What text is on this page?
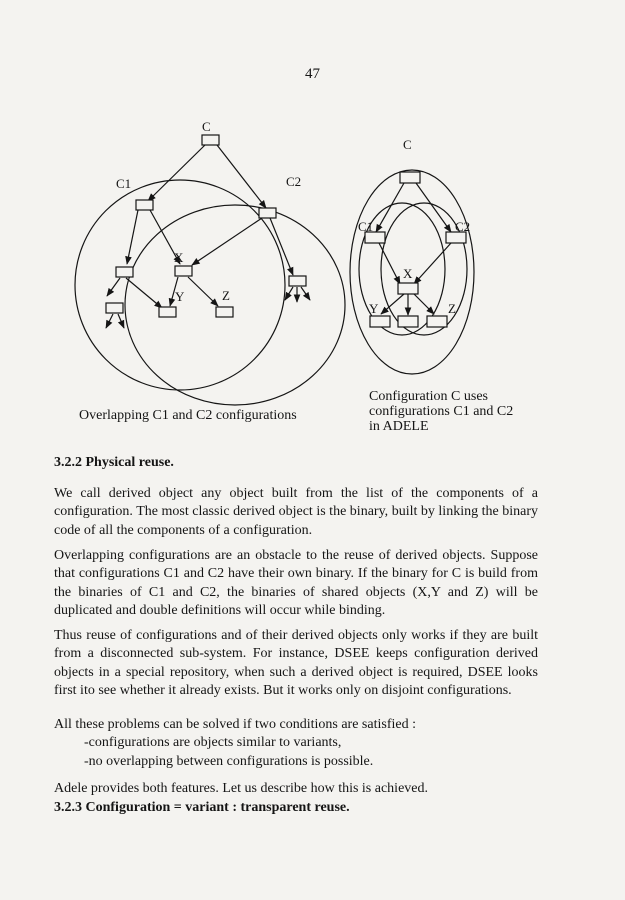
47
C
C1	C2
X
Y	Z
Overlapping C1 and C2 configurations
C
C1	C2
X
Y	Z
Configuration C uses
configurations C1 and C2
in ADELE

3.2.2 Physical reuse.

We call derived object any object built from the list of the components of a configuration. The most classic derived object is the binary, built by linking the binary code of all the components of a configuration.

Overlapping configurations are an obstacle to the reuse of derived objects. Suppose that configurations C1 and C2 have their own binary. If the binary for C is build from the binaries of C1 and C2, the binaries of shared objects (X,Y and Z) will be duplicated and double definitions will occur while binding.

Thus reuse of configurations and of their derived objects only works if they are built from a disconnected sub-system. For instance, DSEE keeps configuration derived objects in a special repository, when such a derived object is required, DSEE looks first ito see whether it already exists. But it works only on disjoint configurations.

All these problems can be solved if two conditions are satisfied :
-configurations are objects similar to variants,
-no overlapping between configurations is possible.

Adele provides both features. Let us describe how this is achieved.

3.2.3 Configuration = variant : transparent reuse.
